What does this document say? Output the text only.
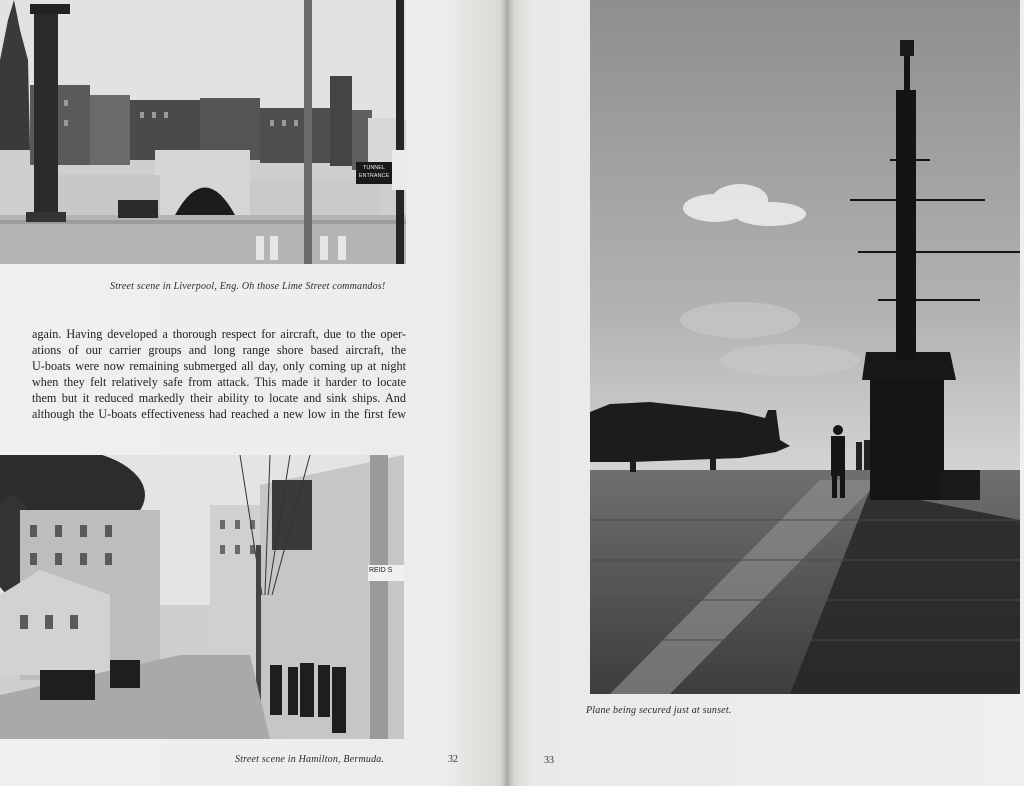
TUNNEL ENTRANCE
Street scene in Liverpool, Eng. Oh those Lime Street commandos!
again. Having developed a thorough respect for aircraft, due to the oper-
ations of our carrier groups and long range shore based aircraft, the
U-boats were now remaining submerged all day, only coming up at night
when they felt relatively safe from attack. This made it harder to locate
them but it reduced markedly their ability to locate and sink ships. And
although the U-boats effectiveness had reached a new low in the first few
REID S
Street scene in Hamilton, Bermuda.	32
Plane being secured just at sunset.
33
